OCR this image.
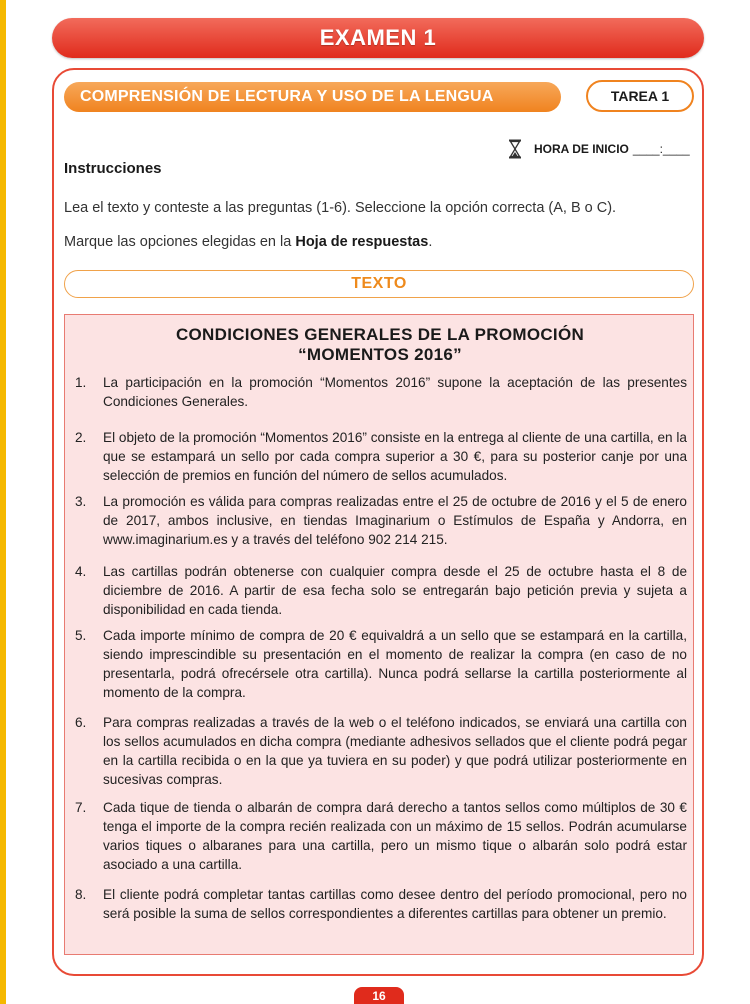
EXAMEN 1
COMPRENSIÓN DE LECTURA Y USO DE LA LENGUA	TAREA 1
HORA DE INICIO ____:____
Instrucciones
Lea el texto y conteste a las preguntas (1-6). Seleccione la opción correcta (A, B o C).
Marque las opciones elegidas en la Hoja de respuestas.
TEXTO
CONDICIONES GENERALES DE LA PROMOCIÓN
“MOMENTOS 2016”
1.	La participación en la promoción “Momentos 2016” supone la aceptación de las presentes Condiciones Generales.
2.	El objeto de la promoción “Momentos 2016” consiste en la entrega al cliente de una cartilla, en la que se estampará un sello por cada compra superior a 30 €, para su posterior canje por una selección de premios en función del número de sellos acumulados.
3.	La promoción es válida para compras realizadas entre el 25 de octubre de 2016 y el 5 de enero de 2017, ambos inclusive, en tiendas Imaginarium o Estímulos de España y Andorra, en www.imaginarium.es y a través del teléfono 902 214 215.
4.	Las cartillas podrán obtenerse con cualquier compra desde el 25 de octubre hasta el 8 de diciembre de 2016. A partir de esa fecha solo se entregarán bajo petición previa y sujeta a disponibilidad en cada tienda.
5.	Cada importe mínimo de compra de 20 € equivaldrá a un sello que se estampará en la cartilla, siendo imprescindible su presentación en el momento de realizar la compra (en caso de no presentarla, podrá ofrecérsele otra cartilla). Nunca podrá sellarse la cartilla posteriormente al momento de la compra.
6.	Para compras realizadas a través de la web o el teléfono indicados, se enviará una cartilla con los sellos acumulados en dicha compra (mediante adhesivos sellados que el cliente podrá pegar en la cartilla recibida o en la que ya tuviera en su poder) y que podrá utilizar posteriormente en sucesivas compras.
7.	Cada tique de tienda o albarán de compra dará derecho a tantos sellos como múltiplos de 30 € tenga el importe de la compra recién realizada con un máximo de 15 sellos. Podrán acumularse varios tiques o albaranes para una cartilla, pero un mismo tique o albarán solo podrá estar asociado a una cartilla.
8.	El cliente podrá completar tantas cartillas como desee dentro del período promocional, pero no será posible la suma de sellos correspondientes a diferentes cartillas para obtener un premio.
16
